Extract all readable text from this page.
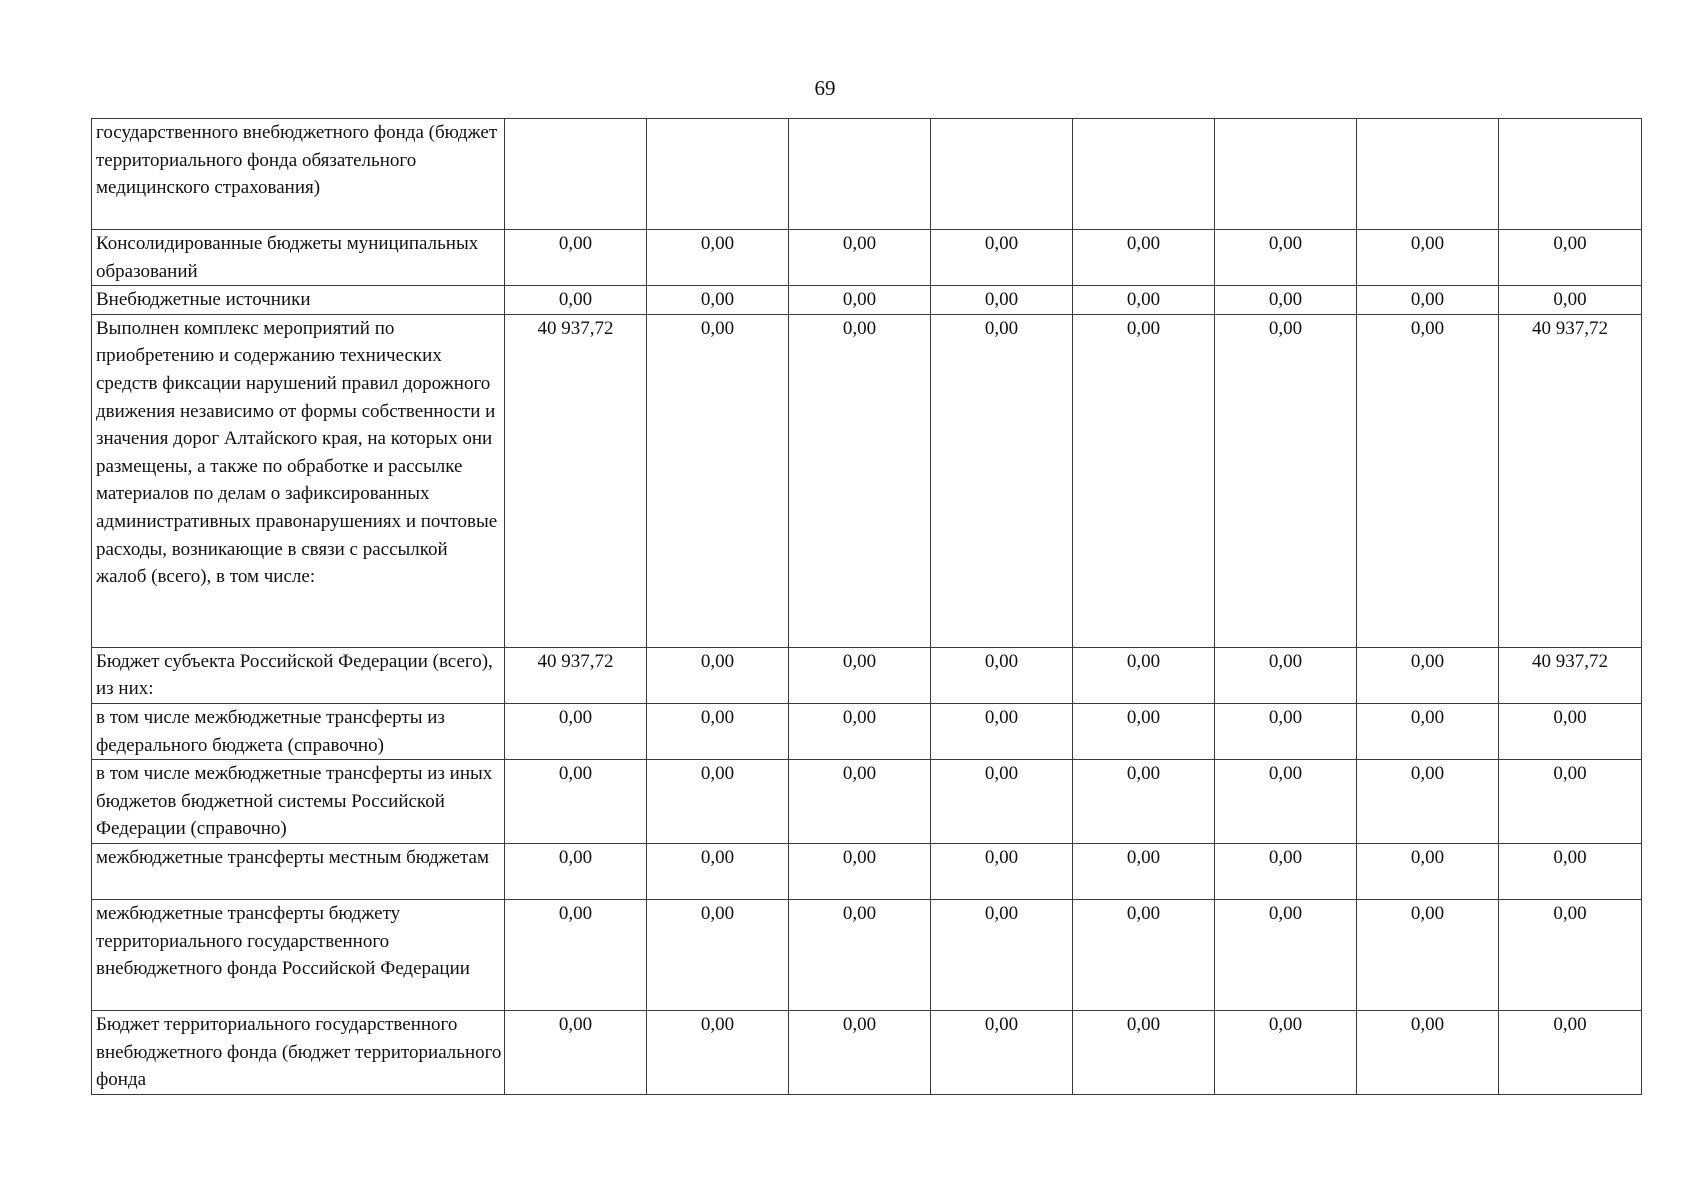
69
государственного внебюджетного фонда (бюджет территориального фонда обязательного медицинского страхования)								
Консолидированные бюджеты муниципальных образований	0,00	0,00	0,00	0,00	0,00	0,00	0,00	0,00
Внебюджетные источники	0,00	0,00	0,00	0,00	0,00	0,00	0,00	0,00
Выполнен комплекс мероприятий по приобретению и содержанию технических средств фиксации нарушений правил дорожного движения независимо от формы собственности и значения дорог Алтайского края, на которых они размещены, а также по обработке и рассылке материалов по делам о зафиксированных административных правонарушениях и почтовые расходы, возникающие в связи с рассылкой жалоб (всего), в том числе:	40 937,72	0,00	0,00	0,00	0,00	0,00	0,00	40 937,72
Бюджет субъекта Российской Федерации (всего), из них:	40 937,72	0,00	0,00	0,00	0,00	0,00	0,00	40 937,72
в том числе межбюджетные трансферты из федерального бюджета (справочно)	0,00	0,00	0,00	0,00	0,00	0,00	0,00	0,00
в том числе межбюджетные трансферты из иных бюджетов бюджетной системы Российской Федерации (справочно)	0,00	0,00	0,00	0,00	0,00	0,00	0,00	0,00
межбюджетные трансферты местным бюджетам	0,00	0,00	0,00	0,00	0,00	0,00	0,00	0,00
межбюджетные трансферты бюджету территориального государственного внебюджетного фонда Российской Федерации	0,00	0,00	0,00	0,00	0,00	0,00	0,00	0,00
Бюджет территориального государственного внебюджетного фонда (бюджет территориального фонда	0,00	0,00	0,00	0,00	0,00	0,00	0,00	0,00
